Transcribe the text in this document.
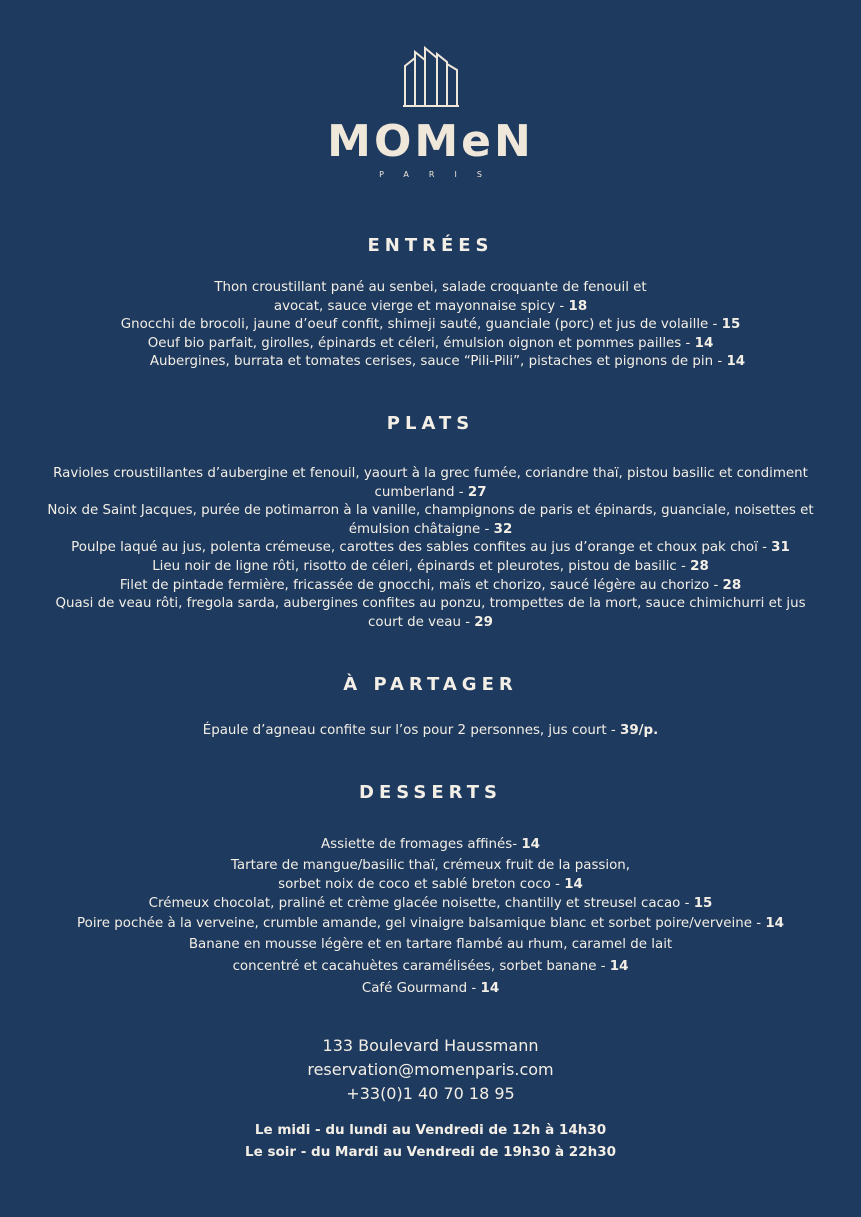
MOMeN
PARIS
ENTRÉES
Thon croustillant pané au senbei, salade croquante de fenouil et
avocat, sauce vierge et mayonnaise spicy - 18
Gnocchi de brocoli, jaune d’oeuf confit, shimeji sauté, guanciale (porc) et jus de volaille - 15
Oeuf bio parfait, girolles, épinards et céleri, émulsion oignon et pommes pailles - 14
Aubergines, burrata et tomates cerises, sauce “Pili-Pili”, pistaches et pignons de pin - 14
PLATS
Ravioles croustillantes d’aubergine et fenouil, yaourt à la grec fumée, coriandre thaï, pistou basilic et condiment
cumberland - 27
Noix de Saint Jacques, purée de potimarron à la vanille, champignons de paris et épinards, guanciale, noisettes et
émulsion châtaigne - 32
Poulpe laqué au jus, polenta crémeuse, carottes des sables confites au jus d’orange et choux pak choï - 31
Lieu noir de ligne rôti, risotto de céleri, épinards et pleurotes, pistou de basilic - 28
Filet de pintade fermière, fricassée de gnocchi, maïs et chorizo, saucé légère au chorizo - 28
Quasi de veau rôti, fregola sarda, aubergines confites au ponzu, trompettes de la mort, sauce chimichurri et jus
court de veau - 29
À PARTAGER
Épaule d’agneau confite sur l’os pour 2 personnes, jus court - 39/p.
DESSERTS
Assiette de fromages affinés- 14
Tartare de mangue/basilic thaï, crémeux fruit de la passion,
sorbet noix de coco et sablé breton coco - 14
Crémeux chocolat, praliné et crème glacée noisette, chantilly et streusel cacao - 15
Poire pochée à la verveine, crumble amande, gel vinaigre balsamique blanc et sorbet poire/verveine - 14
Banane en mousse légère et en tartare flambé au rhum, caramel de lait
concentré et cacahuètes caramélisées, sorbet banane - 14
Café Gourmand - 14
133 Boulevard Haussmann
reservation@momenparis.com
+33(0)1 40 70 18 95
Le midi - du lundi au Vendredi de 12h à 14h30
Le soir - du Mardi au Vendredi de 19h30 à 22h30
